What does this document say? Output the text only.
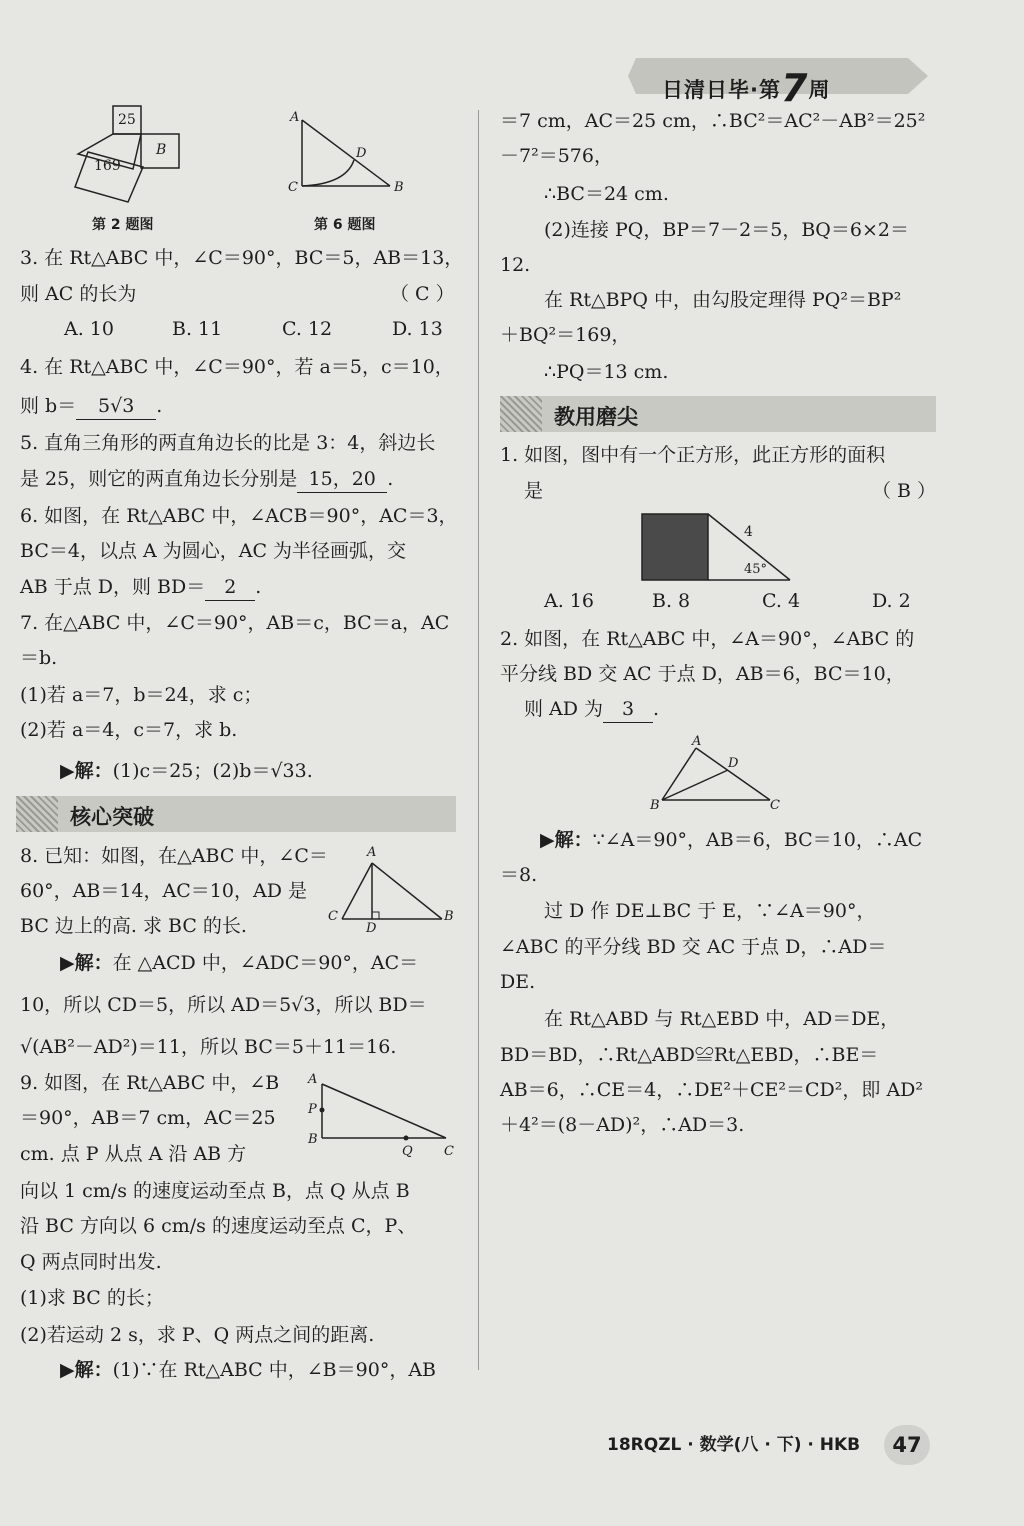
日清日毕·第7周
25
169
B
第 2 题图
A
D
C	B
第 6 题图
3. 在 Rt△ABC 中，∠C＝90°，BC＝5，AB＝13，
则 AC 的长为	（ C ）
A. 10	B. 11	C. 12	D. 13
4. 在 Rt△ABC 中，∠C＝90°，若 a＝5，c＝10，
则 b＝ 5√3 .
5. 直角三角形的两直角边长的比是 3：4，斜边长
是 25，则它的两直角边长分别是 15，20 .
6. 如图，在 Rt△ABC 中，∠ACB＝90°，AC＝3，
BC＝4，以点 A 为圆心，AC 为半径画弧，交
AB 于点 D，则 BD＝ 2 .
7. 在△ABC 中，∠C＝90°，AB＝c，BC＝a，AC
＝b.
(1)若 a＝7，b＝24，求 c；
(2)若 a＝4，c＝7，求 b.
▶解：(1)c＝25；(2)b＝√33.
核心突破
8. 已知：如图，在△ABC 中，∠C＝
60°，AB＝14，AC＝10，AD 是
BC 边上的高. 求 BC 的长.
▶解：在 △ACD 中，∠ADC＝90°，AC＝
10，所以 CD＝5，所以 AD＝5√3，所以 BD＝
√(AB²－AD²)＝11，所以 BC＝5＋11＝16.
9. 如图，在 Rt△ABC 中，∠B
＝90°，AB＝7 cm，AC＝25
cm. 点 P 从点 A 沿 AB 方
向以 1 cm/s 的速度运动至点 B，点 Q 从点 B
沿 BC 方向以 6 cm/s 的速度运动至点 C，P、
Q 两点同时出发.
(1)求 BC 的长；
(2)若运动 2 s，求 P、Q 两点之间的距离.
▶解：(1)∵在 Rt△ABC 中，∠B＝90°，AB
A
C
D
B
A
P
B
Q C
＝7 cm，AC＝25 cm，∴BC²＝AC²－AB²＝25²
－7²＝576，
∴BC＝24 cm.
(2)连接 PQ，BP＝7－2＝5，BQ＝6×2＝
12.
在 Rt△BPQ 中，由勾股定理得 PQ²＝BP²
＋BQ²＝169，
∴PQ＝13 cm.
教用磨尖
1. 如图，图中有一个正方形，此正方形的面积
是	（ B ）
A. 16	B. 8	C. 4	D. 2
2. 如图，在 Rt△ABC 中，∠A＝90°，∠ABC 的
平分线 BD 交 AC 于点 D，AB＝6，BC＝10，
则 AD 为 3 .
▶解：∵∠A＝90°，AB＝6，BC＝10，∴AC
＝8.
过 D 作 DE⊥BC 于 E，∵∠A＝90°，
∠ABC 的平分线 BD 交 AC 于点 D，∴AD＝
DE.
在 Rt△ABD 与 Rt△EBD 中，AD＝DE，
BD＝BD，∴Rt△ABD≌Rt△EBD，∴BE＝
AB＝6，∴CE＝4，∴DE²＋CE²＝CD²，即 AD²
＋4²＝(8－AD)²，∴AD＝3.
4
45°
A
D
B	C
18RQZL · 数学(八 · 下) · HKB	47
